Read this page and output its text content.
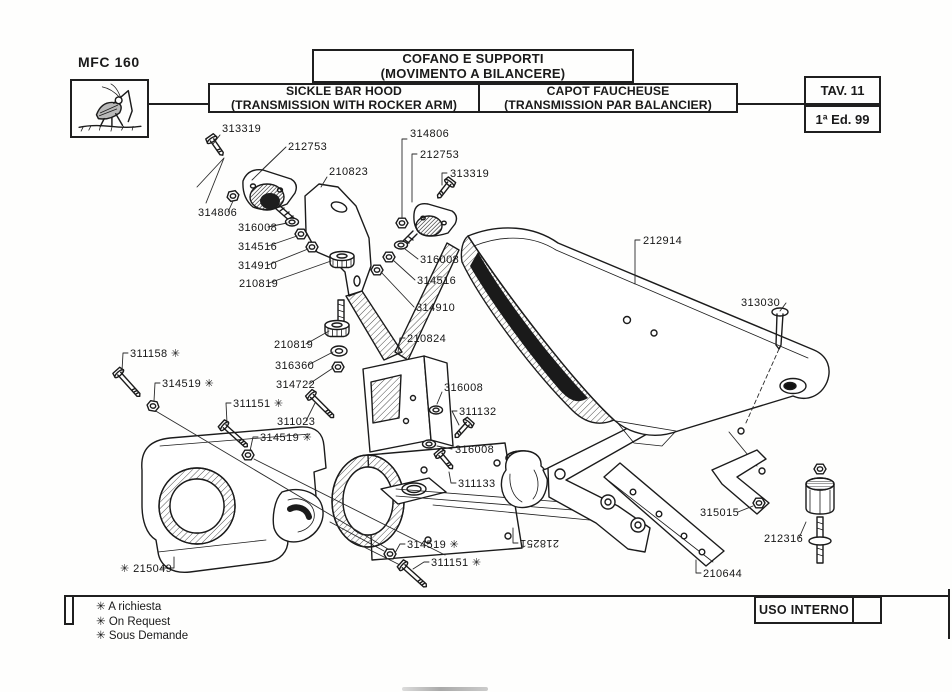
MFC 160	COFANO E SUPPORTI
(MOVIMENTO A BILANCERE)
SICKLE BAR HOOD
(TRANSMISSION WITH ROCKER ARM)
CAPOT FAUCHEUSE
(TRANSMISSION PAR BALANCIER)
TAV. 11
1ª Ed. 99
313319
212753
210823
314806
316008
314516
314910
210819
314806
212753
313319
316008
314516
314910
212914
313030
210819	210824
316360
314722	316008
311132
311158 ✳
314519 ✳
311151 ✳
311023
314519 ✳
316008
311133
314519 ✳
311151 ✳
✳ 215049
218251
210644
315015
212316
✳ A richiesta
✳ On Request
✳ Sous Demande
USO INTERNO
